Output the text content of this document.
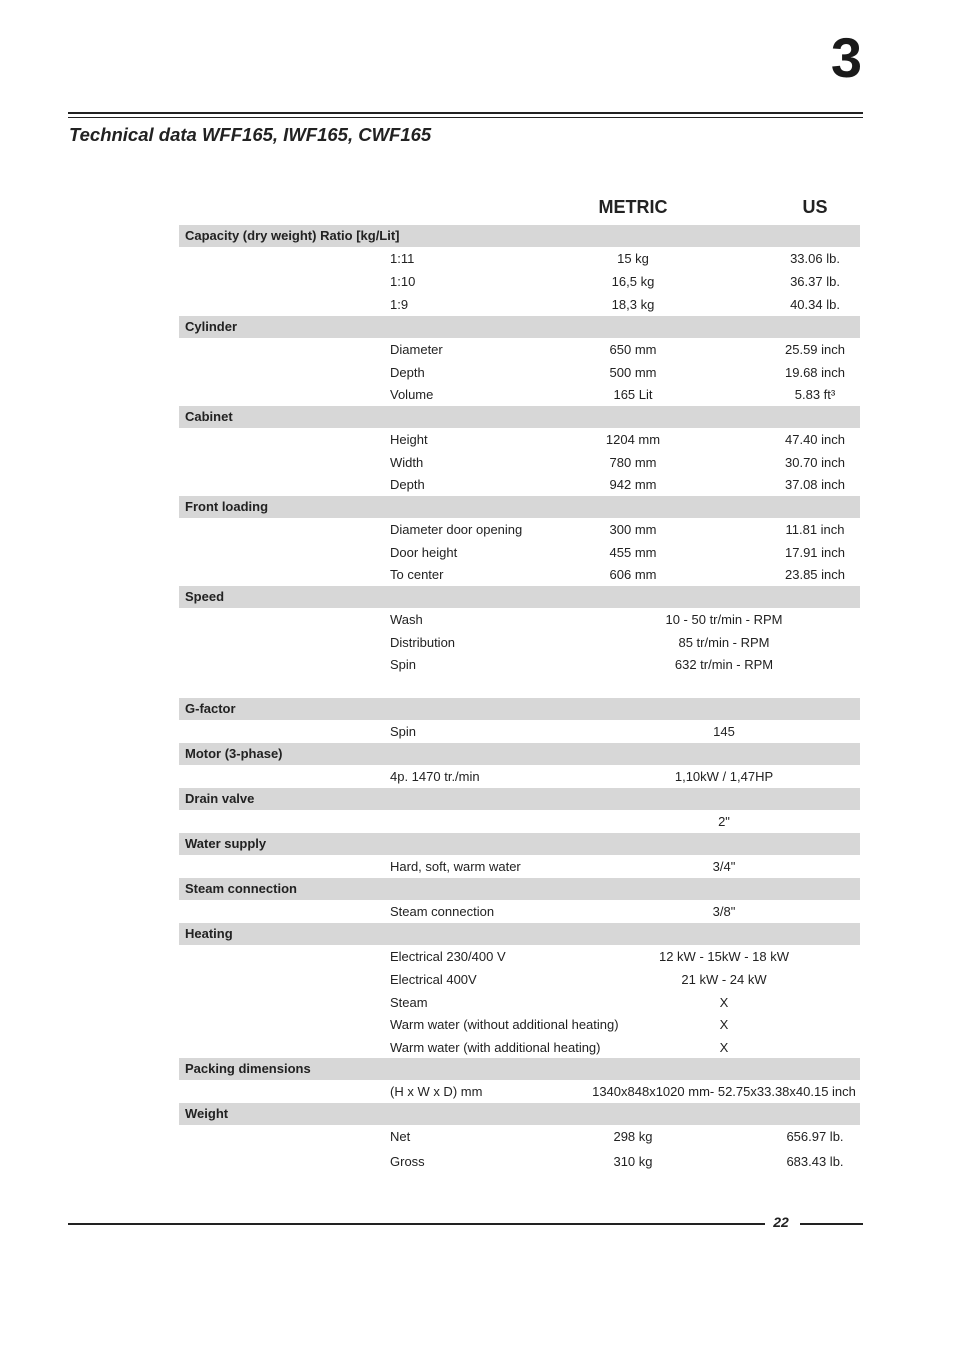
3
Technical data WFF165, IWF165, CWF165
METRIC	US
Capacity (dry weight) Ratio [kg/Lit]
1:11	15 kg	33.06 lb.
1:10	16,5 kg	36.37 lb.
1:9	18,3 kg	40.34 lb.
Cylinder
Diameter	650 mm	25.59 inch
Depth	500 mm	19.68 inch
Volume	165 Lit	5.83 ft³
Cabinet
Height	1204 mm	47.40 inch
Width	780 mm	30.70 inch
Depth	942 mm	37.08 inch
Front loading
Diameter door opening	300 mm	11.81 inch
Door height	455 mm	17.91 inch
To center	606 mm	23.85 inch
Speed
Wash	10 - 50 tr/min - RPM
Distribution	85 tr/min - RPM
Spin	632 tr/min - RPM
G-factor
Spin	145
Motor (3-phase)
4p. 1470 tr./min	1,10kW / 1,47HP
Drain valve
2"
Water supply
Hard, soft, warm water	3/4"
Steam connection
Steam connection	3/8"
Heating
Electrical 230/400 V	12 kW - 15kW - 18 kW
Electrical 400V	21 kW - 24 kW
Steam	X
Warm water (without additional heating)	X
Warm water (with additional heating)	X
Packing dimensions
(H x W x D) mm	1340x848x1020 mm- 52.75x33.38x40.15 inch
Weight
Net	298 kg	656.97 lb.
Gross	310 kg	683.43 lb.
22
